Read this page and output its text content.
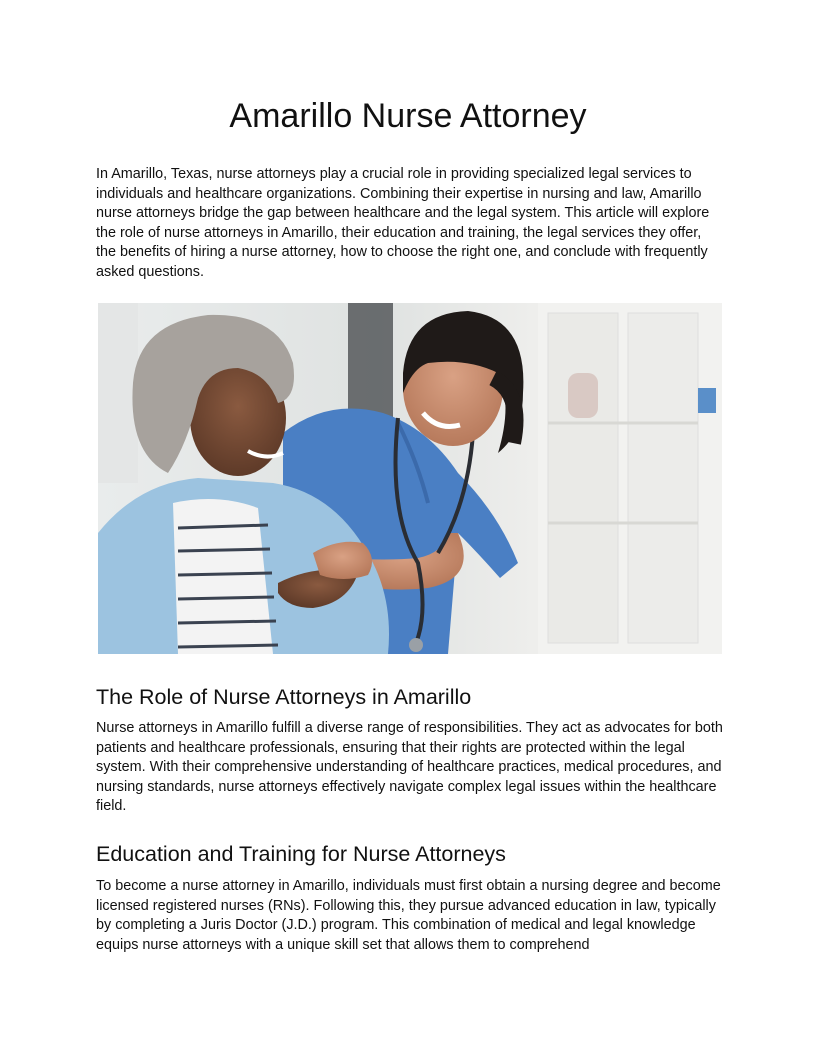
Amarillo Nurse Attorney

In Amarillo, Texas, nurse attorneys play a crucial role in providing specialized legal services to individuals and healthcare organizations. Combining their expertise in nursing and law, Amarillo nurse attorneys bridge the gap between healthcare and the legal system. This article will explore the role of nurse attorneys in Amarillo, their education and training, the legal services they offer, the benefits of hiring a nurse attorney, how to choose the right one, and conclude with frequently asked questions.

The Role of Nurse Attorneys in Amarillo

Nurse attorneys in Amarillo fulfill a diverse range of responsibilities. They act as advocates for both patients and healthcare professionals, ensuring that their rights are protected within the legal system. With their comprehensive understanding of healthcare practices, medical procedures, and nursing standards, nurse attorneys effectively navigate complex legal issues within the healthcare field.

Education and Training for Nurse Attorneys

To become a nurse attorney in Amarillo, individuals must first obtain a nursing degree and become licensed registered nurses (RNs). Following this, they pursue advanced education in law, typically by completing a Juris Doctor (J.D.) program. This combination of medical and legal knowledge equips nurse attorneys with a unique skill set that allows them to comprehend
